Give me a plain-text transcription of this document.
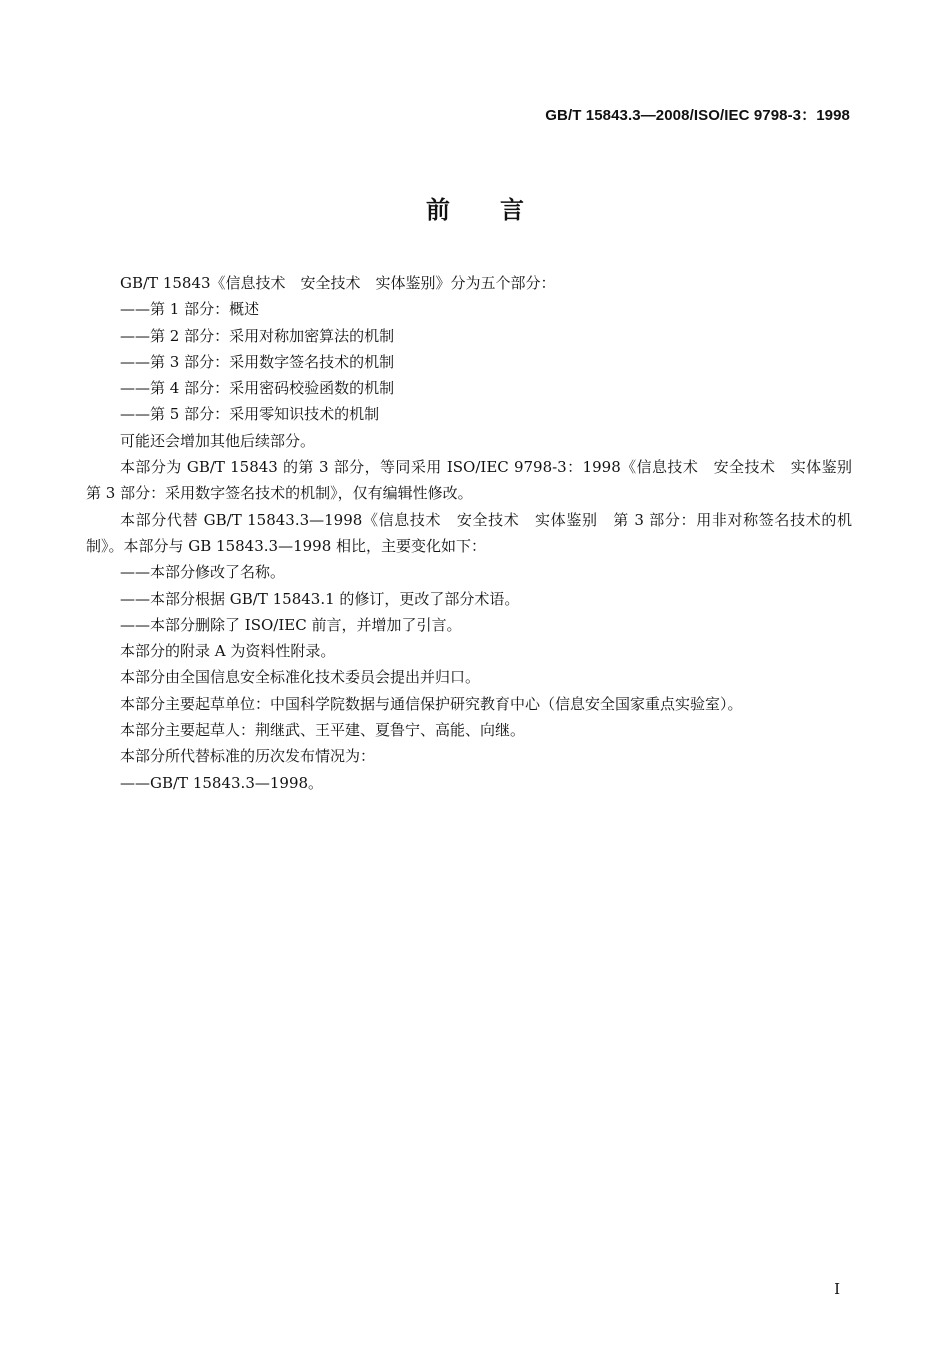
GB/T 15843.3—2008/ISO/IEC 9798-3：1998
前言

GB/T 15843《信息技术　安全技术　实体鉴别》分为五个部分：

——第 1 部分：概述

——第 2 部分：采用对称加密算法的机制

——第 3 部分：采用数字签名技术的机制

——第 4 部分：采用密码校验函数的机制

——第 5 部分：采用零知识技术的机制

可能还会增加其他后续部分。

本部分为 GB/T 15843 的第 3 部分，等同采用 ISO/IEC 9798-3：1998《信息技术　安全技术　实体鉴别　第 3 部分：采用数字签名技术的机制》，仅有编辑性修改。

本部分代替 GB/T 15843.3—1998《信息技术　安全技术　实体鉴别　第 3 部分：用非对称签名技术的机制》。本部分与 GB 15843.3—1998 相比，主要变化如下：

——本部分修改了名称。

——本部分根据 GB/T 15843.1 的修订，更改了部分术语。

——本部分删除了 ISO/IEC 前言，并增加了引言。

本部分的附录 A 为资料性附录。

本部分由全国信息安全标准化技术委员会提出并归口。

本部分主要起草单位：中国科学院数据与通信保护研究教育中心（信息安全国家重点实验室）。

本部分主要起草人：荆继武、王平建、夏鲁宁、高能、向继。

本部分所代替标准的历次发布情况为：

——GB/T 15843.3—1998。

I
